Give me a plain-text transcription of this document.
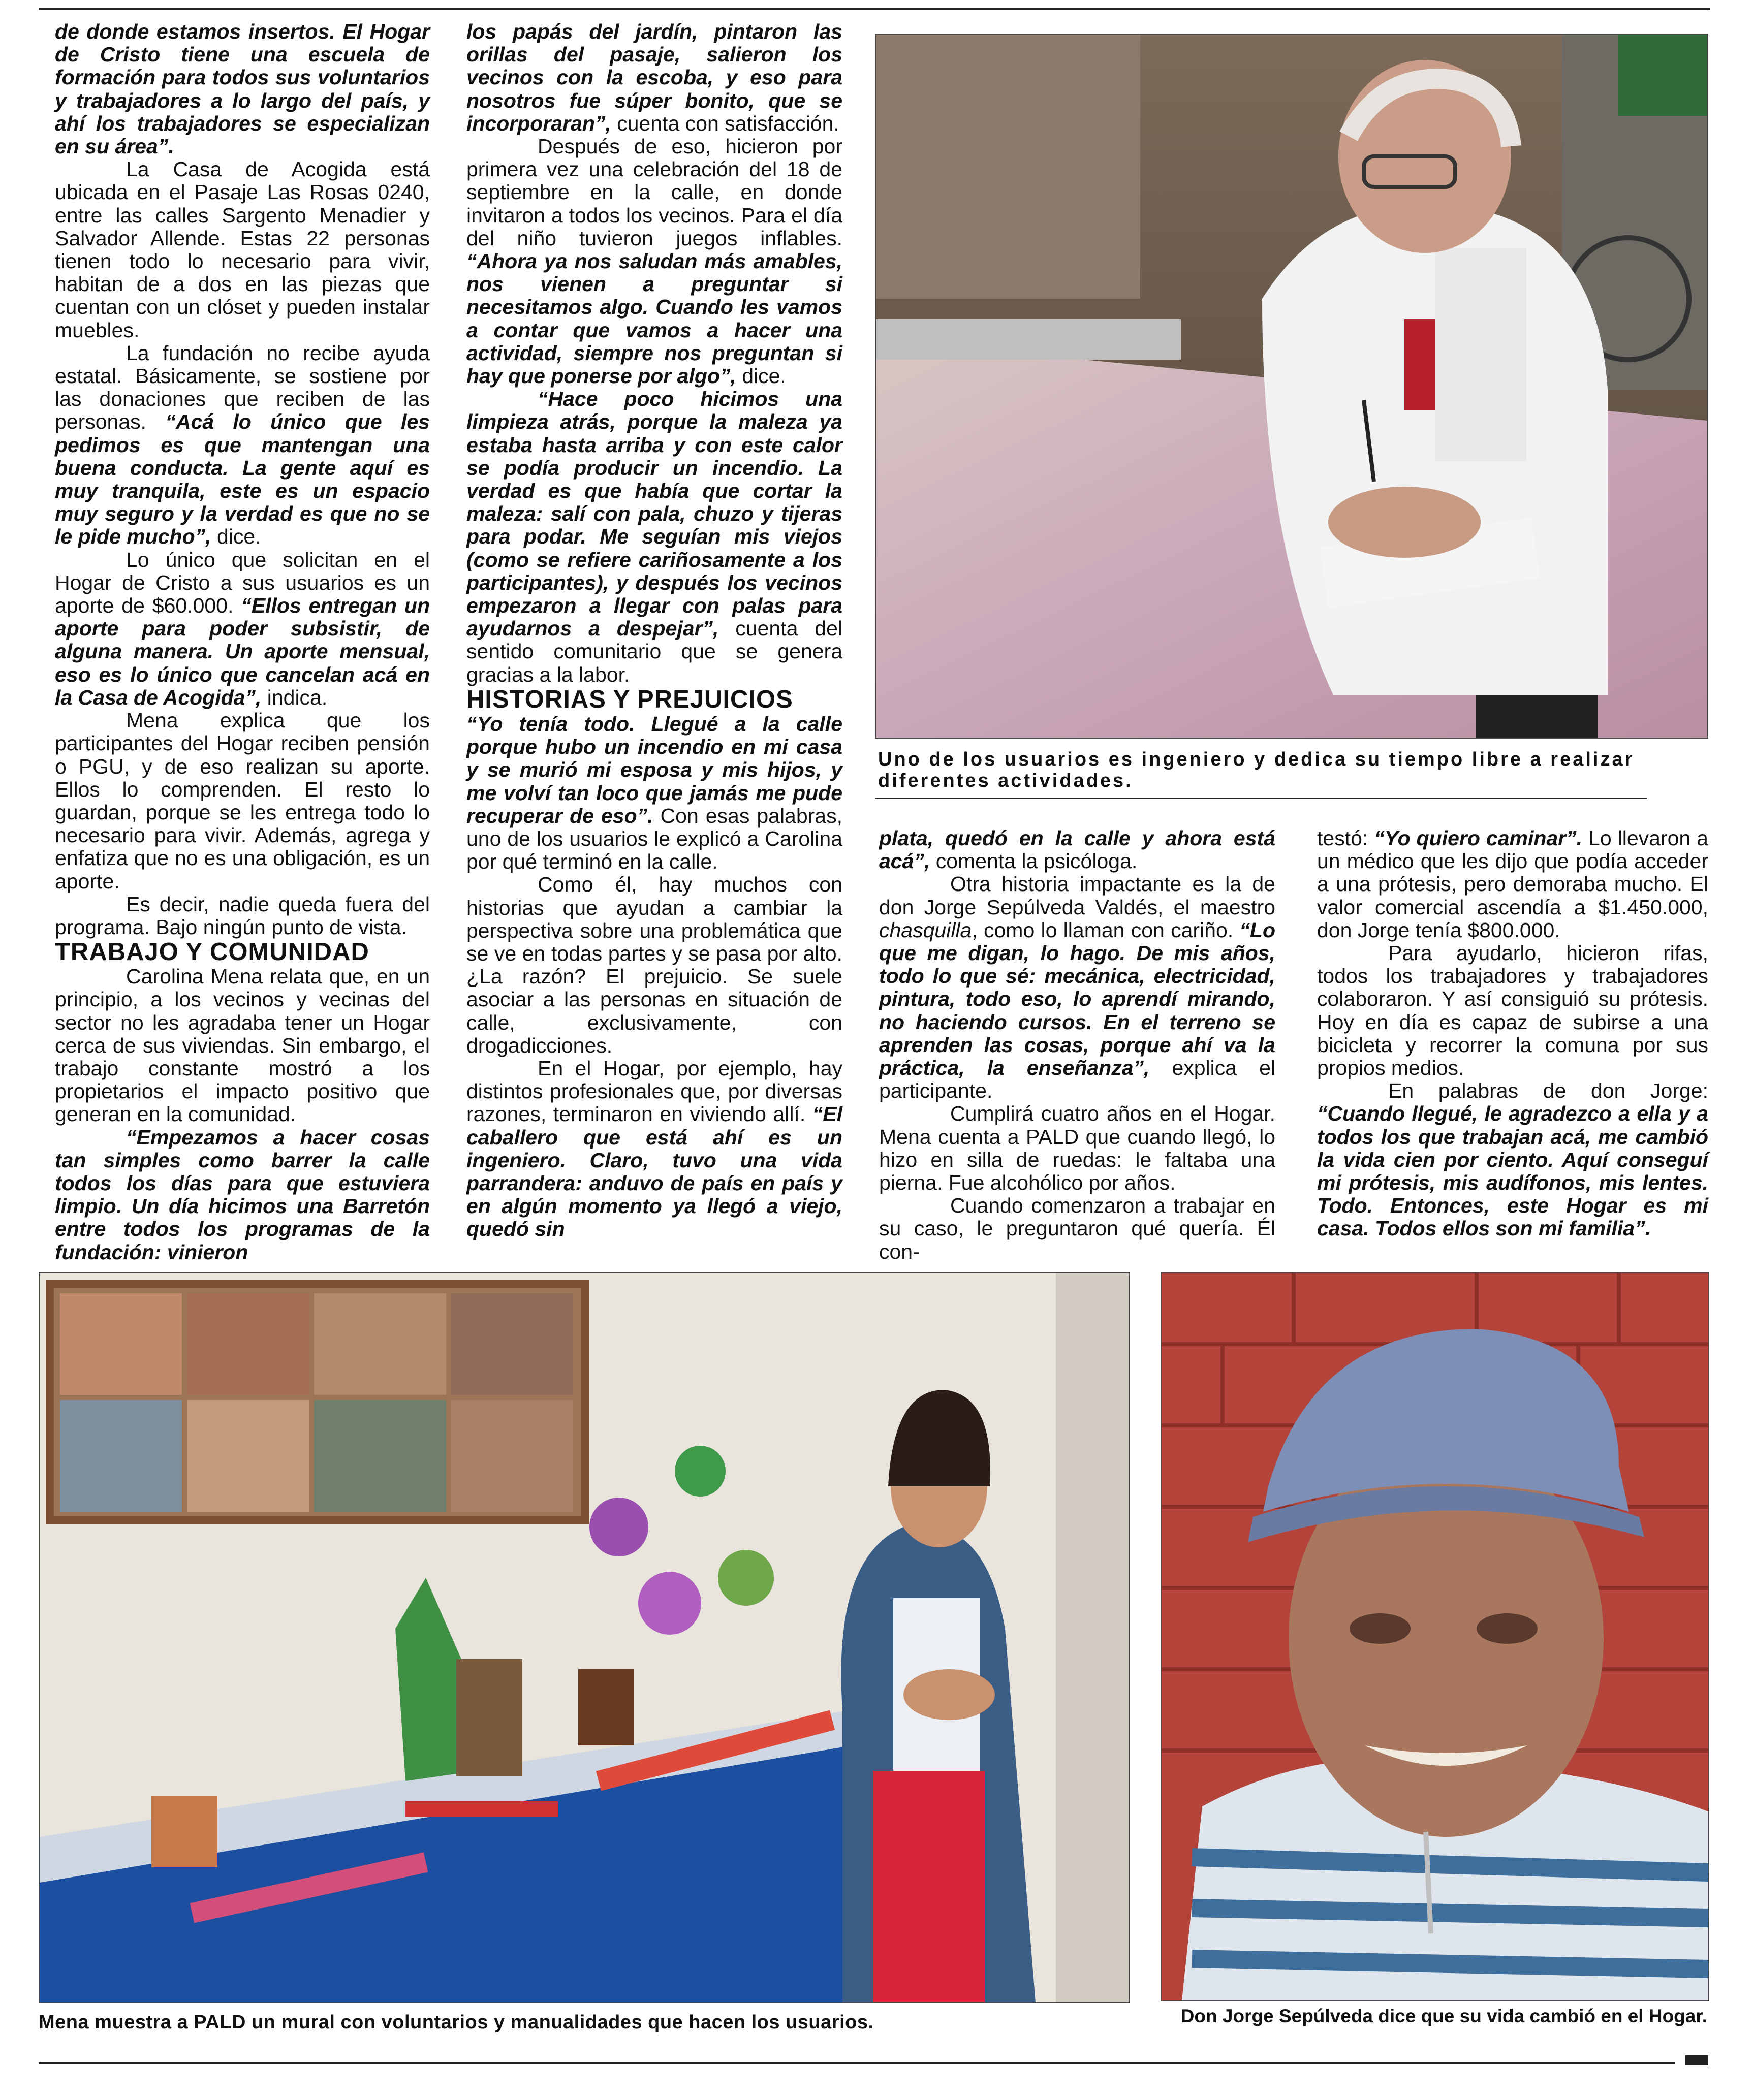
de donde estamos insertos. El Hogar de Cristo tiene una escuela de formación para todos sus voluntarios y trabajadores a lo largo del país, y ahí los trabajadores se especializan en su área”.

La Casa de Acogida está ubicada en el Pasaje Las Rosas 0240, entre las calles Sargento Menadier y Salvador Allende. Estas 22 personas tienen todo lo necesario para vivir, habitan de a dos en las piezas que cuentan con un clóset y pueden instalar muebles.

La fundación no recibe ayuda estatal. Básicamente, se sostiene por las donaciones que reciben de las personas. “Acá lo único que les pedimos es que mantengan una buena conducta. La gente aquí es muy tranquila, este es un espacio muy seguro y la verdad es que no se le pide mucho”, dice.

Lo único que solicitan en el Hogar de Cristo a sus usuarios es un aporte de $60.000. “Ellos entregan un aporte para poder subsistir, de alguna manera. Un aporte mensual, eso es lo único que cancelan acá en la Casa de Acogida”, indica.

Mena explica que los participantes del Hogar reciben pensión o PGU, y de eso realizan su aporte. Ellos lo comprenden. El resto lo guardan, porque se les entrega todo lo necesario para vivir. Además, agrega y enfatiza que no es una obligación, es un aporte.

Es decir, nadie queda fuera del programa. Bajo ningún punto de vista.

TRABAJO Y COMUNIDAD

Carolina Mena relata que, en un principio, a los vecinos y vecinas del sector no les agradaba tener un Hogar cerca de sus viviendas. Sin embargo, el trabajo constante mostró a los propietarios el impacto positivo que generan en la comunidad.

“Empezamos a hacer cosas tan simples como barrer la calle todos los días para que estuviera limpio. Un día hicimos una Barretón entre todos los programas de la fundación: vinieron

los papás del jardín, pintaron las orillas del pasaje, salieron los vecinos con la escoba, y eso para nosotros fue súper bonito, que se incorporaran”, cuenta con satisfacción.

Después de eso, hicieron por primera vez una celebración del 18 de septiembre en la calle, en donde invitaron a todos los vecinos. Para el día del niño tuvieron juegos inflables. “Ahora ya nos saludan más amables, nos vienen a preguntar si necesitamos algo. Cuando les vamos a contar que vamos a hacer una actividad, siempre nos preguntan si hay que ponerse por algo”, dice.

“Hace poco hicimos una limpieza atrás, porque la maleza ya estaba hasta arriba y con este calor se podía producir un incendio. La verdad es que había que cortar la maleza: salí con pala, chuzo y tijeras para podar. Me seguían mis viejos (como se refiere cariñosamente a los participantes), y después los vecinos empezaron a llegar con palas para ayudarnos a despejar”, cuenta del sentido comunitario que se genera gracias a la labor.

HISTORIAS Y PREJUICIOS

“Yo tenía todo. Llegué a la calle porque hubo un incendio en mi casa y se murió mi esposa y mis hijos, y me volví tan loco que jamás me pude recuperar de eso”. Con esas palabras, uno de los usuarios le explicó a Carolina por qué terminó en la calle.

Como él, hay muchos con historias que ayudan a cambiar la perspectiva sobre una problemática que se ve en todas partes y se pasa por alto. ¿La razón? El prejuicio. Se suele asociar a las personas en situación de calle, exclusivamente, con drogadicciones.

En el Hogar, por ejemplo, hay distintos profesionales que, por diversas razones, terminaron en viviendo allí. “El caballero que está ahí es un ingeniero. Claro, tuvo una vida parrandera: anduvo de país en país y en algún momento ya llegó a viejo, quedó sin

plata, quedó en la calle y ahora está acá”, comenta la psicóloga.

Otra historia impactante es la de don Jorge Sepúlveda Valdés, el maestro chasquilla, como lo llaman con cariño. “Lo que me digan, lo hago. De mis años, todo lo que sé: mecánica, electricidad, pintura, todo eso, lo aprendí mirando, no haciendo cursos. En el terreno se aprenden las cosas, porque ahí va la práctica, la enseñanza”, explica el participante.

Cumplirá cuatro años en el Hogar. Mena cuenta a PALD que cuando llegó, lo hizo en silla de ruedas: le faltaba una pierna. Fue alcohólico por años.

Cuando comenzaron a trabajar en su caso, le preguntaron qué quería. Él con-

testó: “Yo quiero caminar”. Lo llevaron a un médico que les dijo que podía acceder a una prótesis, pero demoraba mucho. El valor comercial ascendía a $1.450.000, don Jorge tenía $800.000.

Para ayudarlo, hicieron rifas, todos los trabajadores y trabajadores colaboraron. Y así consiguió su prótesis. Hoy en día es capaz de subirse a una bicicleta y recorrer la comuna por sus propios medios.

En palabras de don Jorge: “Cuando llegué, le agradezco a ella y a todos los que trabajan acá, me cambió la vida cien por ciento. Aquí conseguí mi prótesis, mis audífonos, mis lentes. Todo. Entonces, este Hogar es mi casa. Todos ellos son mi familia”.

Uno de los usuarios es ingeniero y dedica su tiempo libre a realizar diferentes actividades.
Mena muestra a PALD un mural con voluntarios y manualidades que hacen los usuarios.	Don Jorge Sepúlveda dice que su vida cambió en el Hogar.
